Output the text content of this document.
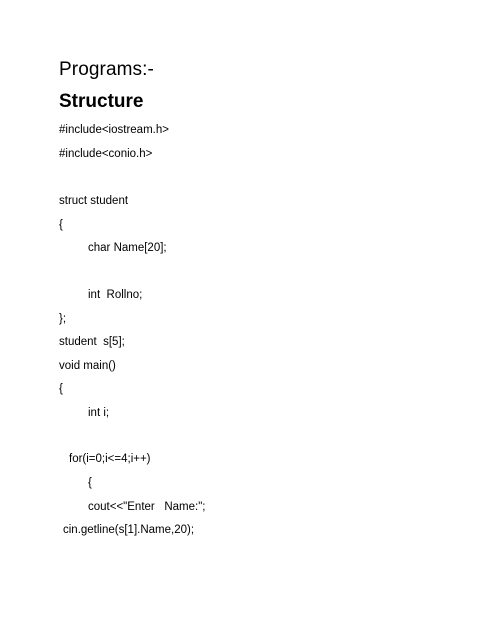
Programs:-
Structure
#include<iostream.h>
#include<conio.h>
struct student
{
char Name[20];
int  Rollno;
};
student  s[5];
void main()
{
int i;
for(i=0;i<=4;i++)
{
cout<<"Enter   Name:";
cin.getline(s[1].Name,20);
